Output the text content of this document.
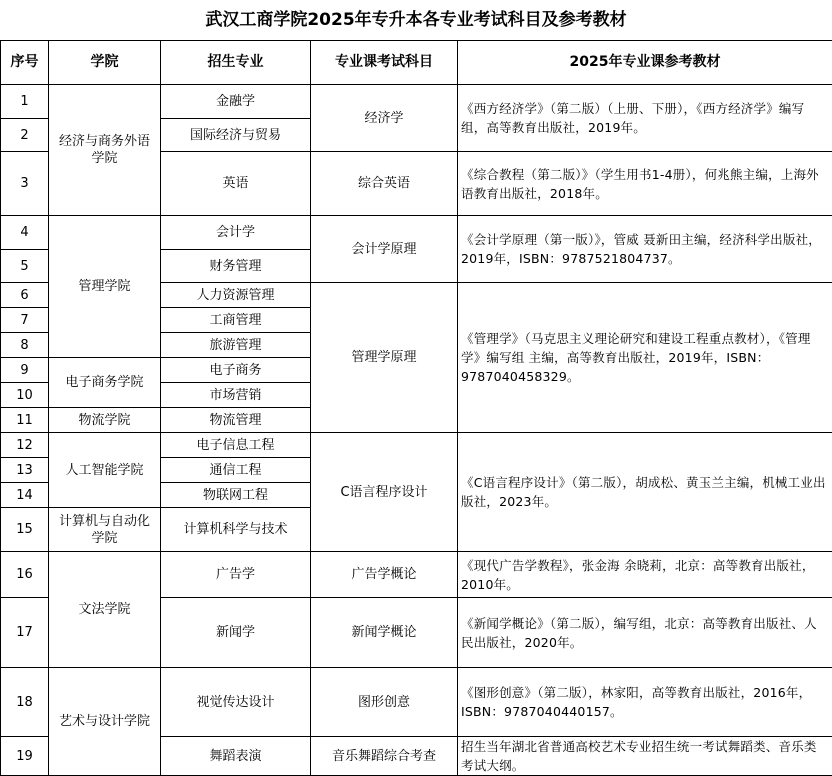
武汉工商学院2025年专升本各专业考试科目及参考教材
序号	学院	招生专业	专业课考试科目	2025年专业课参考教材
1	经济与商务外语学院	金融学	经济学	《西方经济学》（第二版）（上册、下册），《西方经济学》编写组，高等教育出版社，2019年。
2		国际经济与贸易		
3		英语	综合英语	《综合教程（第二版）》（学生用书1-4册），何兆熊主编，上海外语教育出版社，2018年。
4	管理学院	会计学	会计学原理	《会计学原理（第一版）》，管威 聂新田主编，经济科学出版社，2019年，ISBN：9787521804737。
5		财务管理		
6		人力资源管理	管理学原理	《管理学》（马克思主义理论研究和建设工程重点教材），《管理学》编写组 主编，高等教育出版社，2019年，ISBN：9787040458329。
7		工商管理		
8		旅游管理		
9	电子商务学院	电子商务		
10		市场营销		
11	物流学院	物流管理		
12	人工智能学院	电子信息工程	C语言程序设计	《C语言程序设计》（第二版），胡成松、黄玉兰主编，机械工业出版社，2023年。
13		通信工程		
14		物联网工程		
15	计算机与自动化学院	计算机科学与技术		
16	文法学院	广告学	广告学概论	《现代广告学教程》，张金海 余晓莉，北京：高等教育出版社，2010年。
17		新闻学	新闻学概论	《新闻学概论》（第二版），编写组，北京：高等教育出版社、人民出版社，2020年。
18	艺术与设计学院	视觉传达设计	图形创意	《图形创意》（第二版），林家阳，高等教育出版社，2016年，ISBN：9787040440157。
19		舞蹈表演	音乐舞蹈综合考查	招生当年湖北省普通高校艺术专业招生统一考试舞蹈类、音乐类考试大纲。
